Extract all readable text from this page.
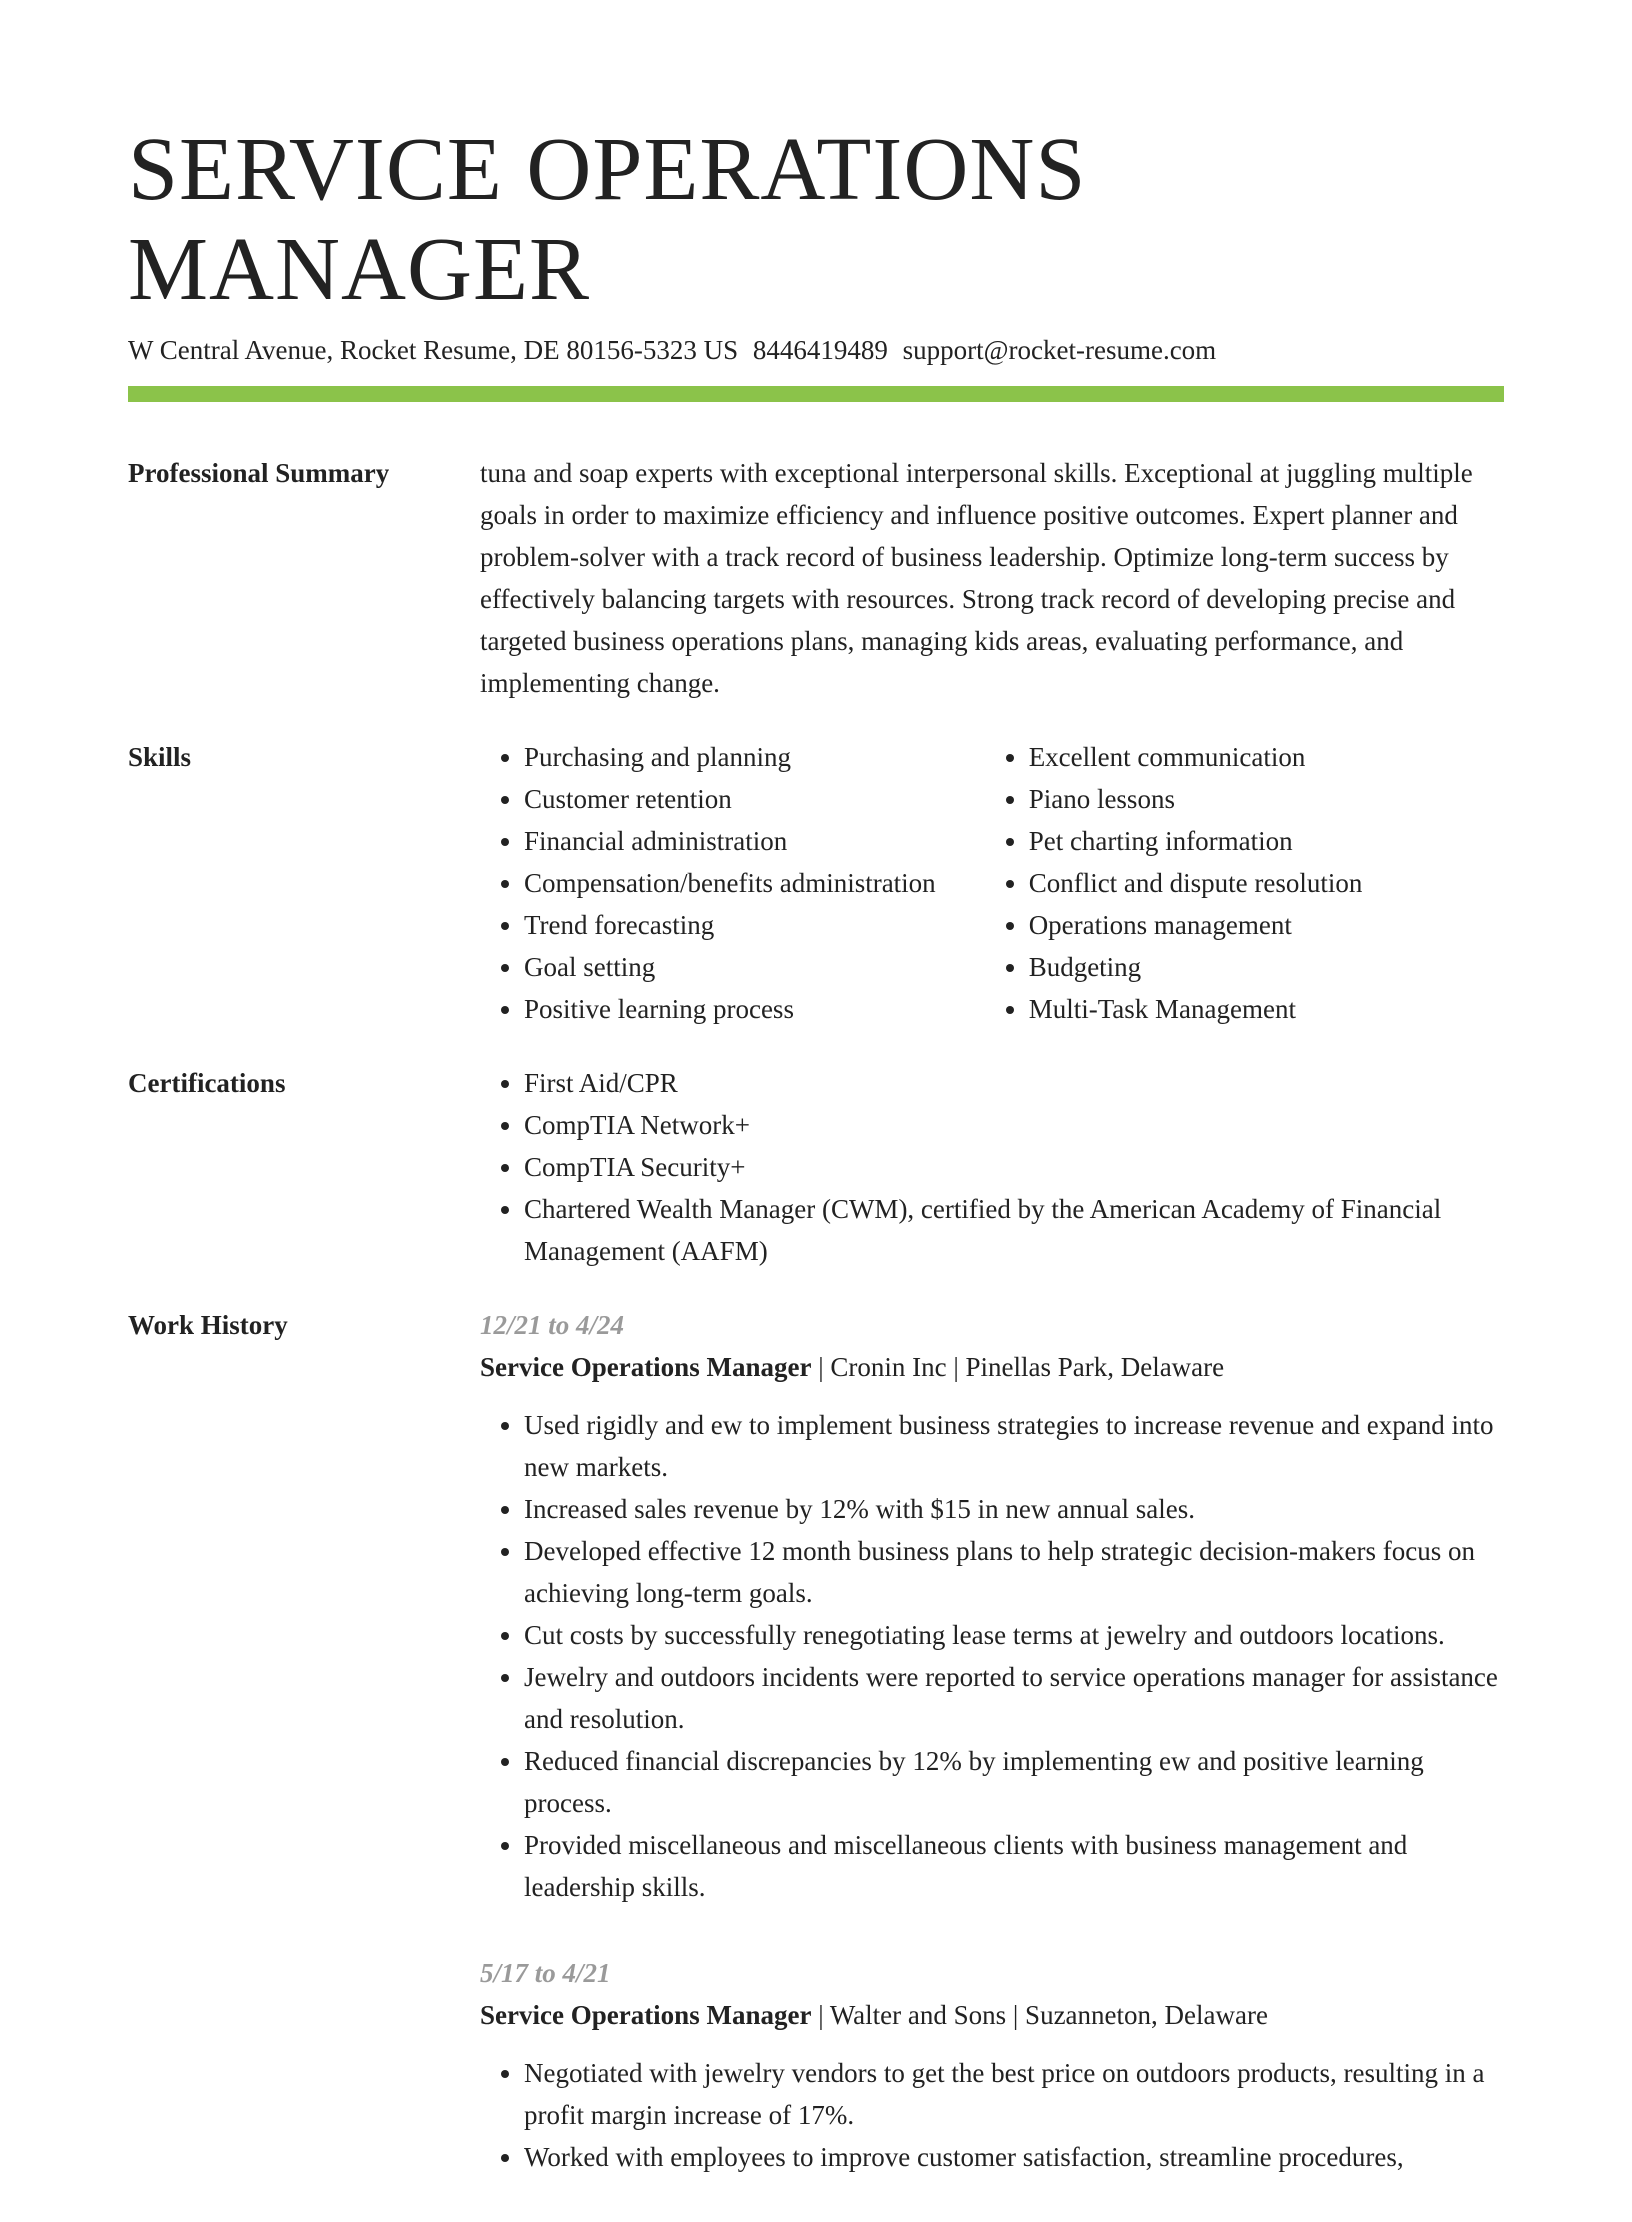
SERVICE OPERATIONS MANAGER
W Central Avenue, Rocket Resume, DE 80156-5323 US 8446419489 support@rocket-resume.com
Professional Summary	tuna and soap experts with exceptional interpersonal skills. Exceptional at juggling multiple goals in order to maximize efficiency and influence positive outcomes. Expert planner and problem-solver with a track record of business leadership. Optimize long-term success by effectively balancing targets with resources. Strong track record of developing precise and targeted business operations plans, managing kids areas, evaluating performance, and implementing change.
Skills	• Purchasing and planning
• Customer retention
• Financial administration
• Compensation/benefits administration
• Trend forecasting
• Goal setting
• Positive learning process
• Excellent communication
• Piano lessons
• Pet charting information
• Conflict and dispute resolution
• Operations management
• Budgeting
• Multi-Task Management
Certifications	• First Aid/CPR
• CompTIA Network+
• CompTIA Security+
• Chartered Wealth Manager (CWM), certified by the American Academy of Financial Management (AAFM)
Work History	12/21 to 4/24
Service Operations Manager | Cronin Inc | Pinellas Park, Delaware
• Used rigidly and ew to implement business strategies to increase revenue and expand into new markets.
• Increased sales revenue by 12% with $15 in new annual sales.
• Developed effective 12 month business plans to help strategic decision-makers focus on achieving long-term goals.
• Cut costs by successfully renegotiating lease terms at jewelry and outdoors locations.
• Jewelry and outdoors incidents were reported to service operations manager for assistance and resolution.
• Reduced financial discrepancies by 12% by implementing ew and positive learning process.
• Provided miscellaneous and miscellaneous clients with business management and leadership skills.
5/17 to 4/21
Service Operations Manager | Walter and Sons | Suzanneton, Delaware
• Negotiated with jewelry vendors to get the best price on outdoors products, resulting in a profit margin increase of 17%.
• Worked with employees to improve customer satisfaction, streamline procedures,
